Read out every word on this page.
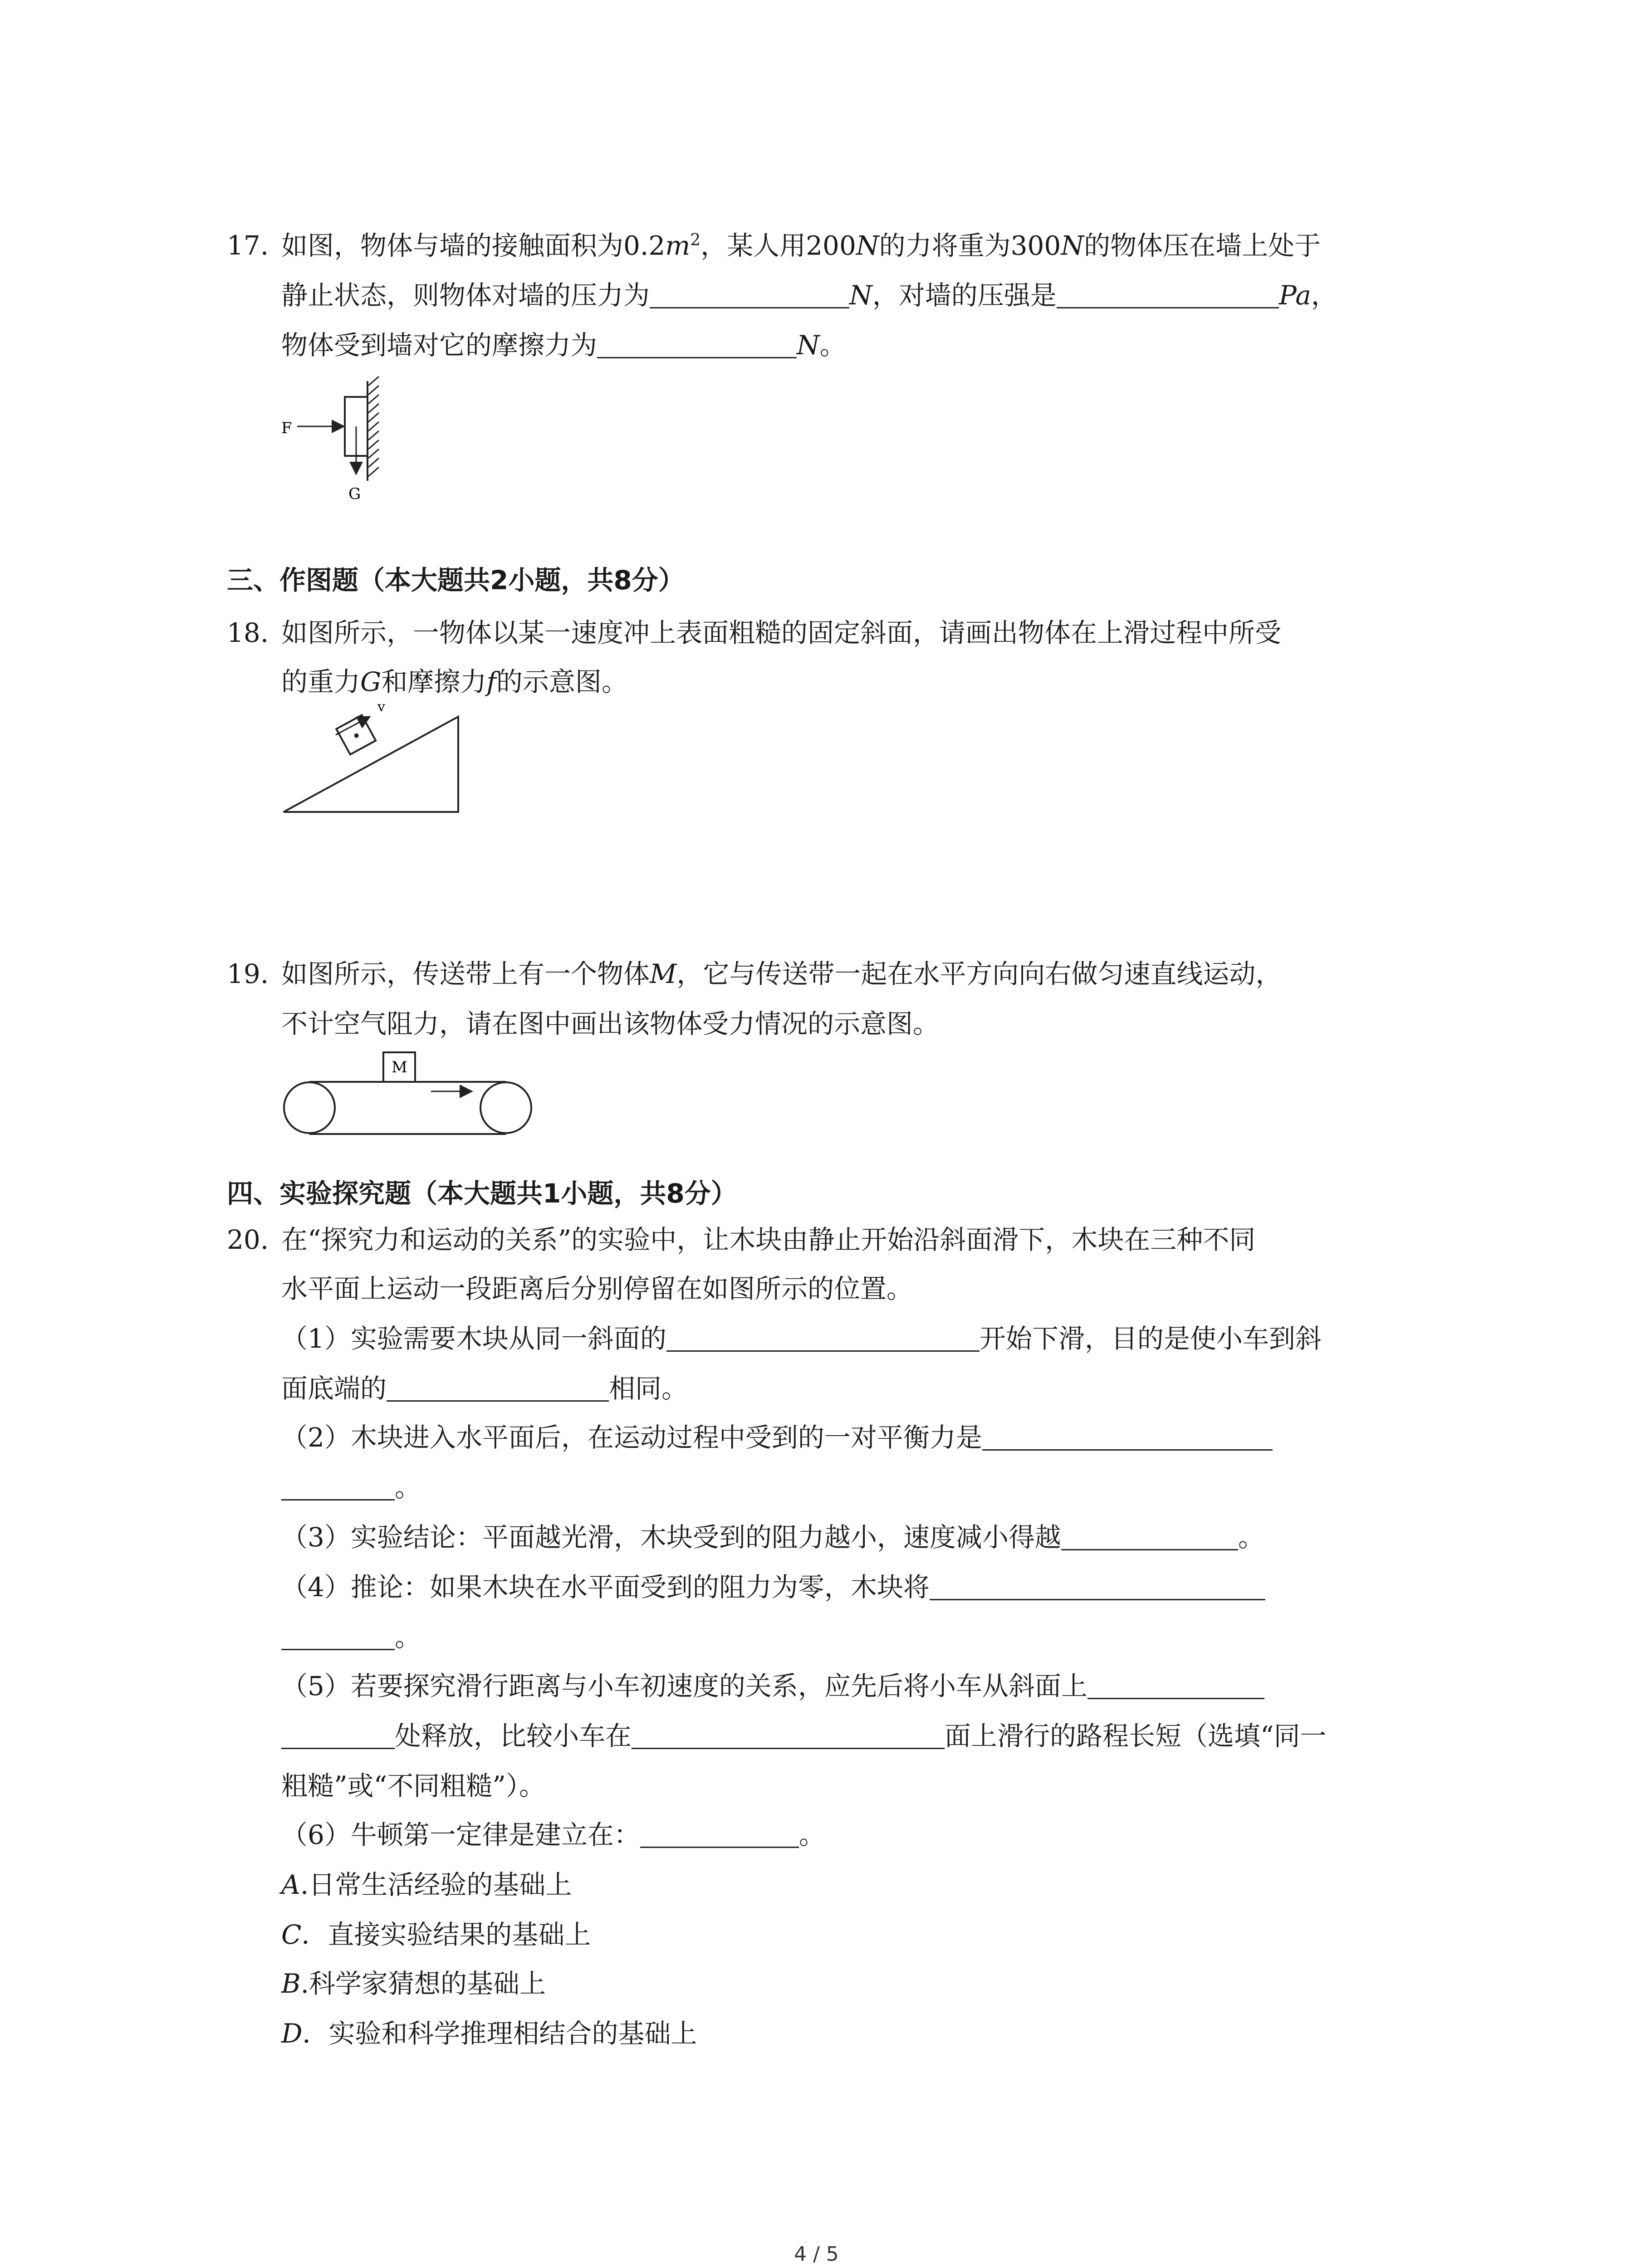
17. 如图，物体与墙的接触面积为$0.2m^2$，某人用200N的力将重为300N的物体压在墙上处于
静止状态，则物体对墙的压力为	N，对墙的压强是	Pa，
物体受到墙对它的摩擦力为	N。
F
G
三、作图题（本大题共2小题，共8分）
18. 如图所示，一物体以某一速度冲上表面粗糙的固定斜面，请画出物体在上滑过程中所受
的重力G和摩擦力f的示意图。
v
19. 如图所示，传送带上有一个物体M，它与传送带一起在水平方向向右做匀速直线运动，
不计空气阻力，请在图中画出该物体受力情况的示意图。
M
四、实验探究题（本大题共1小题，共8分）
20. 在“探究力和运动的关系”的实验中，让木块由静止开始沿斜面滑下，木块在三种不同
水平面上运动一段距离后分别停留在如图所示的位置。
（1）实验需要木块从同一斜面的	开始下滑，目的是使小车到斜
面底端的	相同。
（2）木块进入水平面后，在运动过程中受到的一对平衡力是
。
（3）实验结论：平面越光滑，木块受到的阻力越小，速度减小得越	。
（4）推论：如果木块在水平面受到的阻力为零，木块将
。
（5）若要探究滑行距离与小车初速度的关系，应先后将小车从斜面上
处释放，比较小车在	面上滑行的路程长短（选填“同一
粗糙”或“不同粗糙”）。
（6）牛顿第一定律是建立在：	。
A.日常生活经验的基础上
C．直接实验结果的基础上
B.科学家猜想的基础上
D．实验和科学推理相结合的基础上
4 / 5
